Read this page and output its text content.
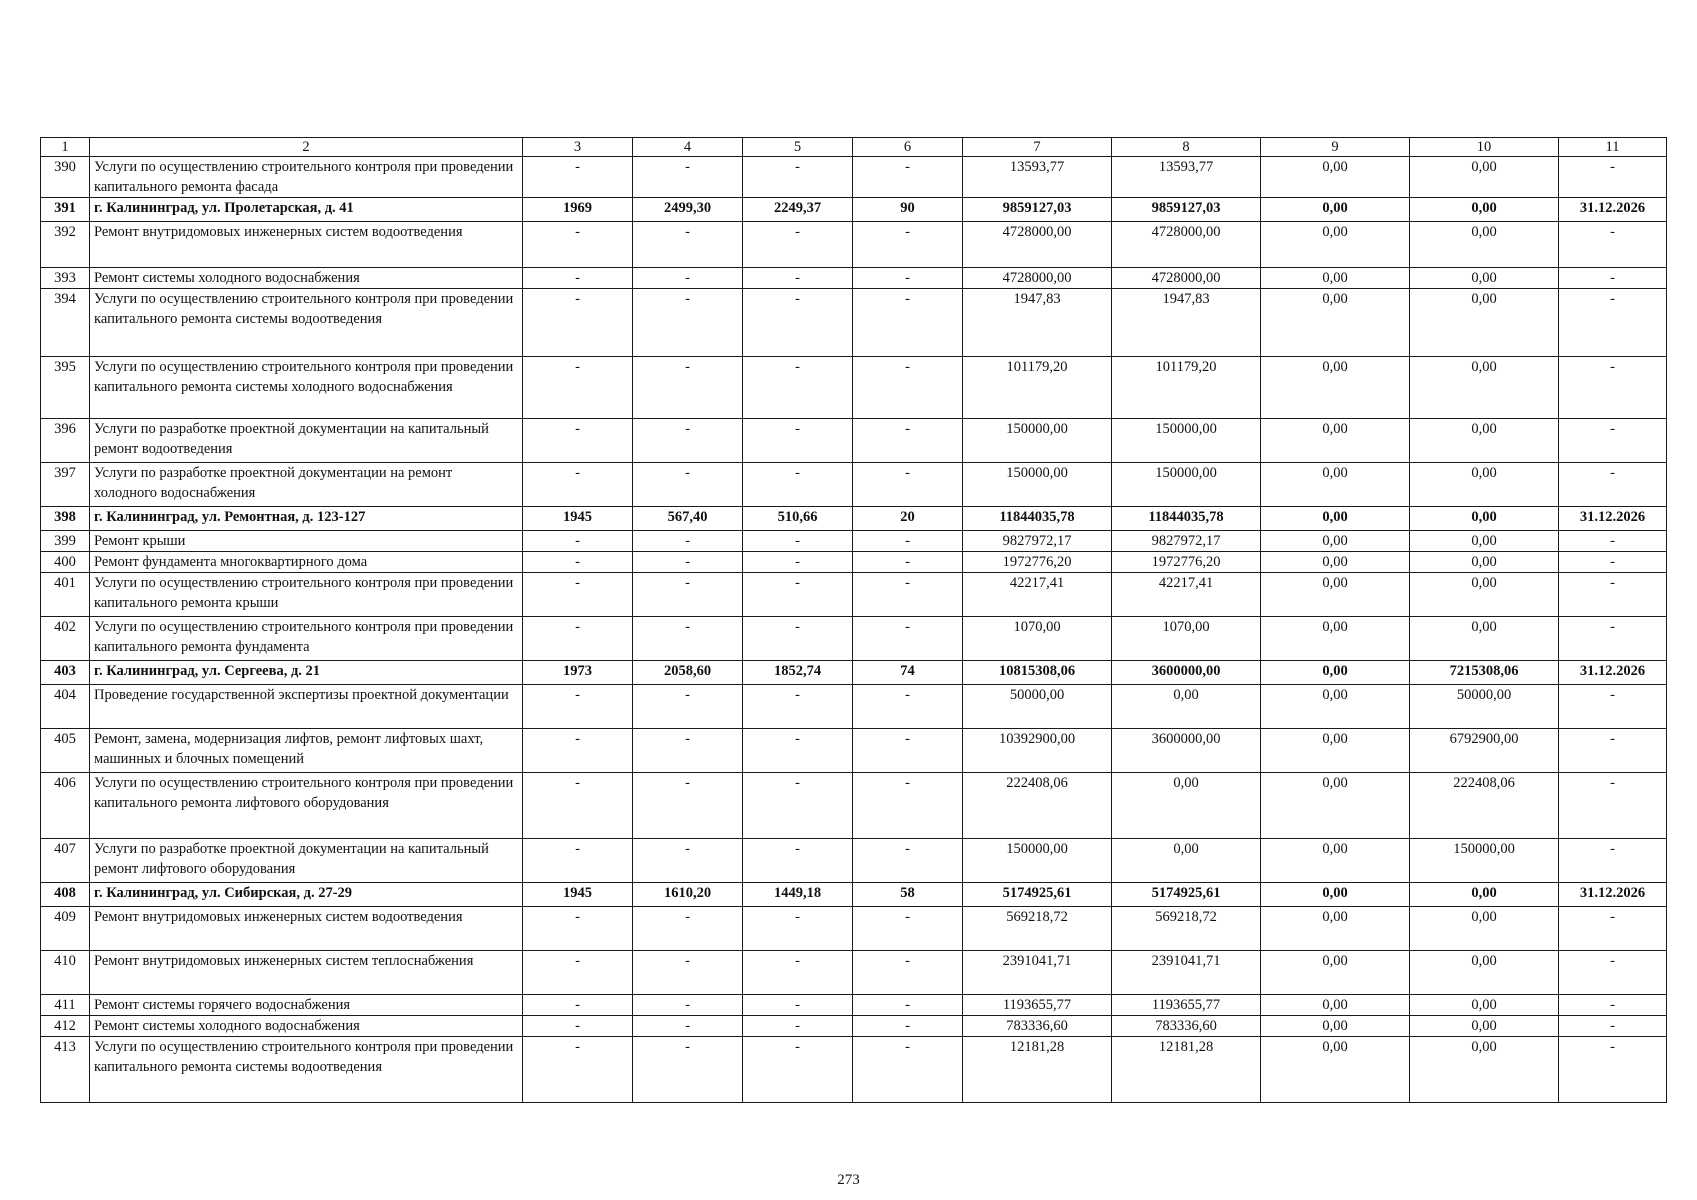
1	2	3	4	5	6	7	8	9	10	11
390	Услуги по осуществлению строительного контроля при проведении капитального ремонта фасада	-	-	-	-	13593,77	13593,77	0,00	0,00	-
391	г. Калининград, ул. Пролетарская, д. 41	1969	2499,30	2249,37	90	9859127,03	9859127,03	0,00	0,00	31.12.2026
392	Ремонт внутридомовых инженерных систем водоотведения	-	-	-	-	4728000,00	4728000,00	0,00	0,00	-
393	Ремонт системы холодного водоснабжения	-	-	-	-	4728000,00	4728000,00	0,00	0,00	-
394	Услуги по осуществлению строительного контроля при проведении капитального ремонта системы водоотведения	-	-	-	-	1947,83	1947,83	0,00	0,00	-
395	Услуги по осуществлению строительного контроля при проведении капитального ремонта системы холодного водоснабжения	-	-	-	-	101179,20	101179,20	0,00	0,00	-
396	Услуги по разработке проектной документации на капитальный ремонт водоотведения	-	-	-	-	150000,00	150000,00	0,00	0,00	-
397	Услуги по разработке проектной документации на ремонт холодного водоснабжения	-	-	-	-	150000,00	150000,00	0,00	0,00	-
398	г. Калининград, ул. Ремонтная, д. 123-127	1945	567,40	510,66	20	11844035,78	11844035,78	0,00	0,00	31.12.2026
399	Ремонт крыши	-	-	-	-	9827972,17	9827972,17	0,00	0,00	-
400	Ремонт фундамента многоквартирного дома	-	-	-	-	1972776,20	1972776,20	0,00	0,00	-
401	Услуги по осуществлению строительного контроля при проведении капитального ремонта крыши	-	-	-	-	42217,41	42217,41	0,00	0,00	-
402	Услуги по осуществлению строительного контроля при проведении капитального ремонта фундамента	-	-	-	-	1070,00	1070,00	0,00	0,00	-
403	г. Калининград, ул. Сергеева, д. 21	1973	2058,60	1852,74	74	10815308,06	3600000,00	0,00	7215308,06	31.12.2026
404	Проведение государственной экспертизы проектной документации	-	-	-	-	50000,00	0,00	0,00	50000,00	-
405	Ремонт, замена, модернизация лифтов, ремонт лифтовых шахт, машинных и блочных помещений	-	-	-	-	10392900,00	3600000,00	0,00	6792900,00	-
406	Услуги по осуществлению строительного контроля при проведении капитального ремонта лифтового оборудования	-	-	-	-	222408,06	0,00	0,00	222408,06	-
407	Услуги по разработке проектной документации на капитальный ремонт лифтового оборудования	-	-	-	-	150000,00	0,00	0,00	150000,00	-
408	г. Калининград, ул. Сибирская, д. 27-29	1945	1610,20	1449,18	58	5174925,61	5174925,61	0,00	0,00	31.12.2026
409	Ремонт внутридомовых инженерных систем водоотведения	-	-	-	-	569218,72	569218,72	0,00	0,00	-
410	Ремонт внутридомовых инженерных систем теплоснабжения	-	-	-	-	2391041,71	2391041,71	0,00	0,00	-
411	Ремонт системы горячего водоснабжения	-	-	-	-	1193655,77	1193655,77	0,00	0,00	-
412	Ремонт системы холодного водоснабжения	-	-	-	-	783336,60	783336,60	0,00	0,00	-
413	Услуги по осуществлению строительного контроля при проведении капитального ремонта системы водоотведения	-	-	-	-	12181,28	12181,28	0,00	0,00	-
273
